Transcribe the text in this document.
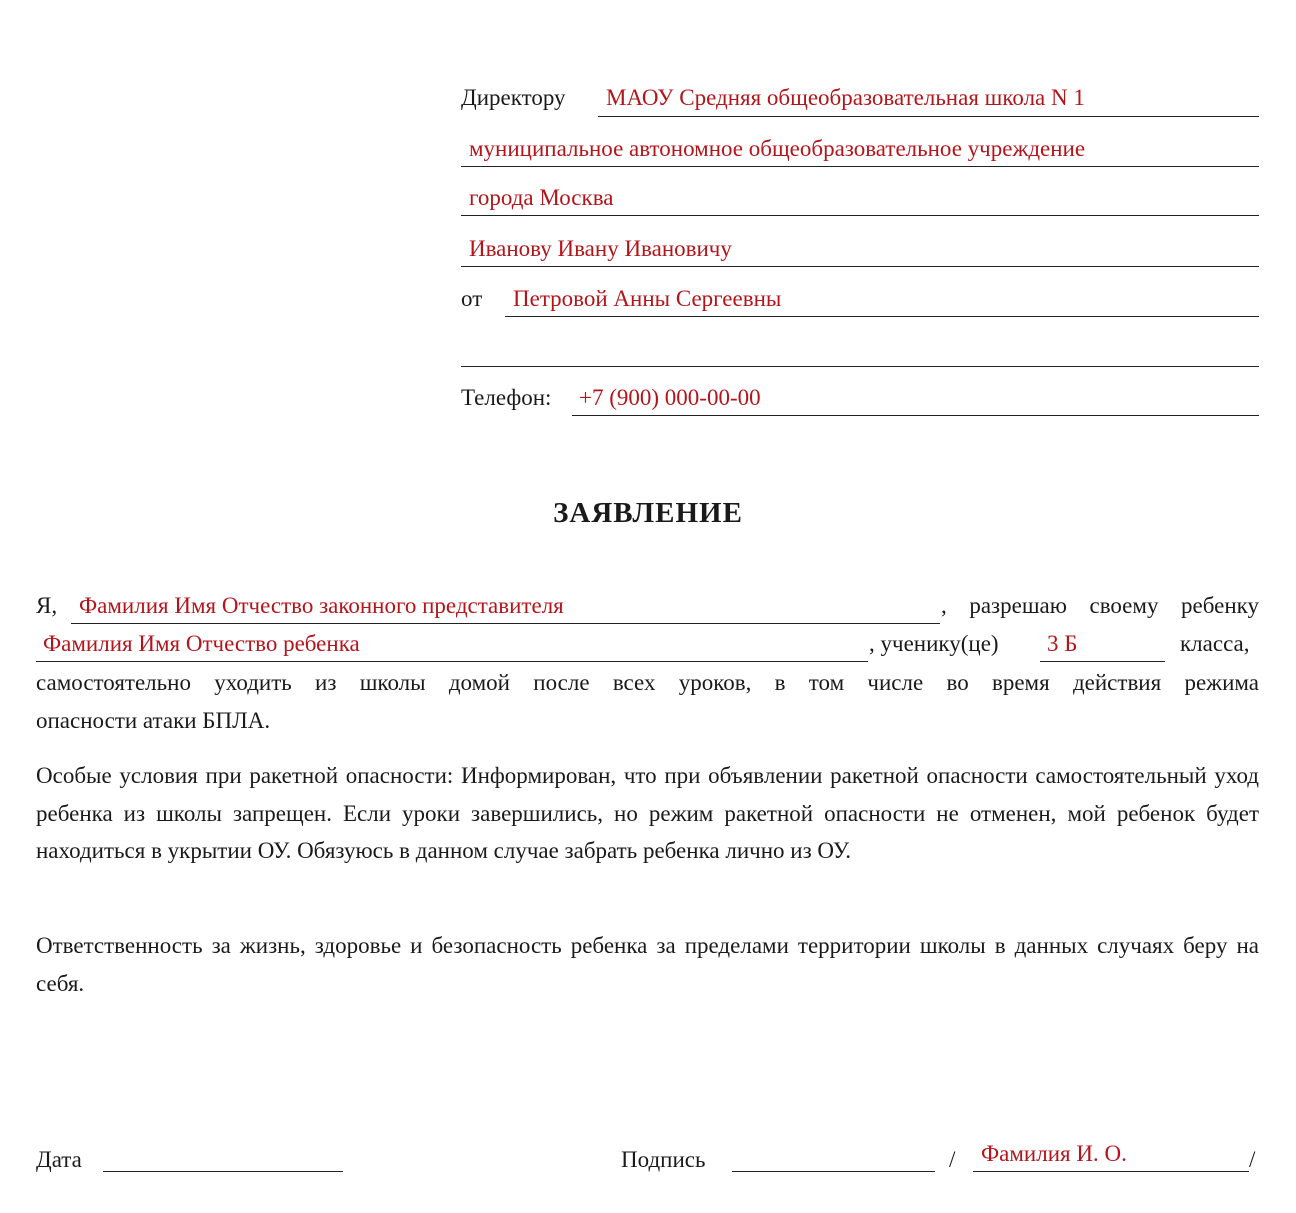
Директору МАОУ Средняя общеобразовательная школа N 1
муниципальное автономное общеобразовательное учреждение
города Москва
Иванову Ивану Ивановичу
от Петровой Анны Сергеевны
Телефон: +7 (900) 000-00-00
ЗАЯВЛЕНИЕ
Я, Фамилия Имя Отчество законного представителя	, разрешаю своему ребенку
Фамилия Имя Отчество ребенка	, ученику(це) 3 Б	класса,
самостоятельно уходить из школы домой после всех уроков, в том числе во время действия режима
опасности атаки БПЛА.
Особые условия при ракетной опасности: Информирован, что при объявлении ракетной опасности самостоятельный уход ребенка из школы запрещен. Если уроки завершились, но режим ракетной опасности не отменен, мой ребенок будет находиться в укрытии ОУ. Обязуюсь в данном случае забрать ребенка лично из ОУ.
Ответственность за жизнь, здоровье и безопасность ребенка за пределами территории школы в данных случаях беру на себя.
Дата	Подпись	/ Фамилия И. О.	/
